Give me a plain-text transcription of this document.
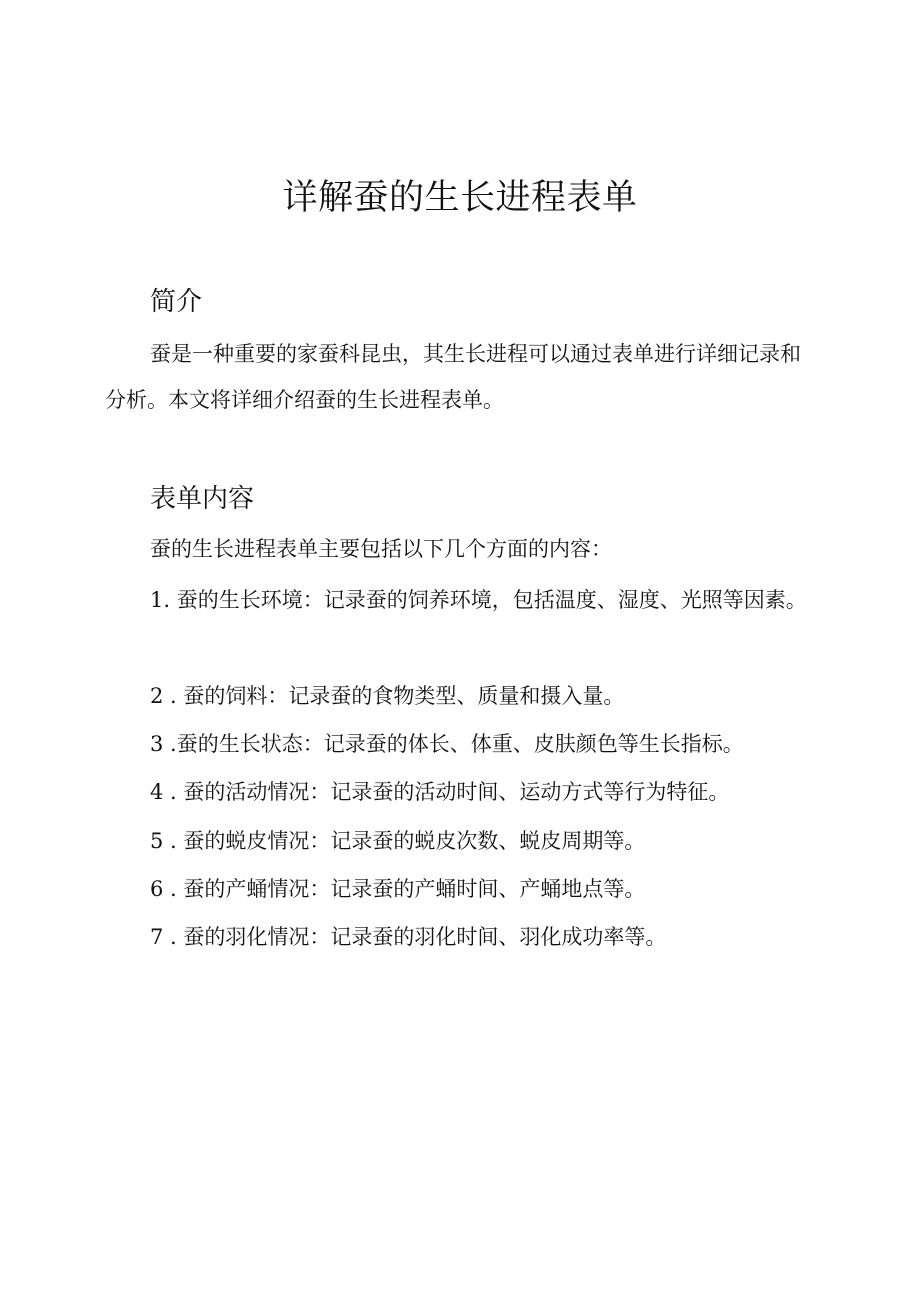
详解蚕的生长进程表单
简介

蚕是一种重要的家蚕科昆虫，其生长进程可以通过表单进行详细记录和分析。本文将详细介绍蚕的生长进程表单。

表单内容

蚕的生长进程表单主要包括以下几个方面的内容：

1. 蚕的生长环境：记录蚕的饲养环境，包括温度、湿度、光照等因素。

2 . 蚕的饲料：记录蚕的食物类型、质量和摄入量。

3 .蚕的生长状态：记录蚕的体长、体重、皮肤颜色等生长指标。

4 . 蚕的活动情况：记录蚕的活动时间、运动方式等行为特征。

5 . 蚕的蜕皮情况：记录蚕的蜕皮次数、蜕皮周期等。

6 . 蚕的产蛹情况：记录蚕的产蛹时间、产蛹地点等。

7 . 蚕的羽化情况：记录蚕的羽化时间、羽化成功率等。
